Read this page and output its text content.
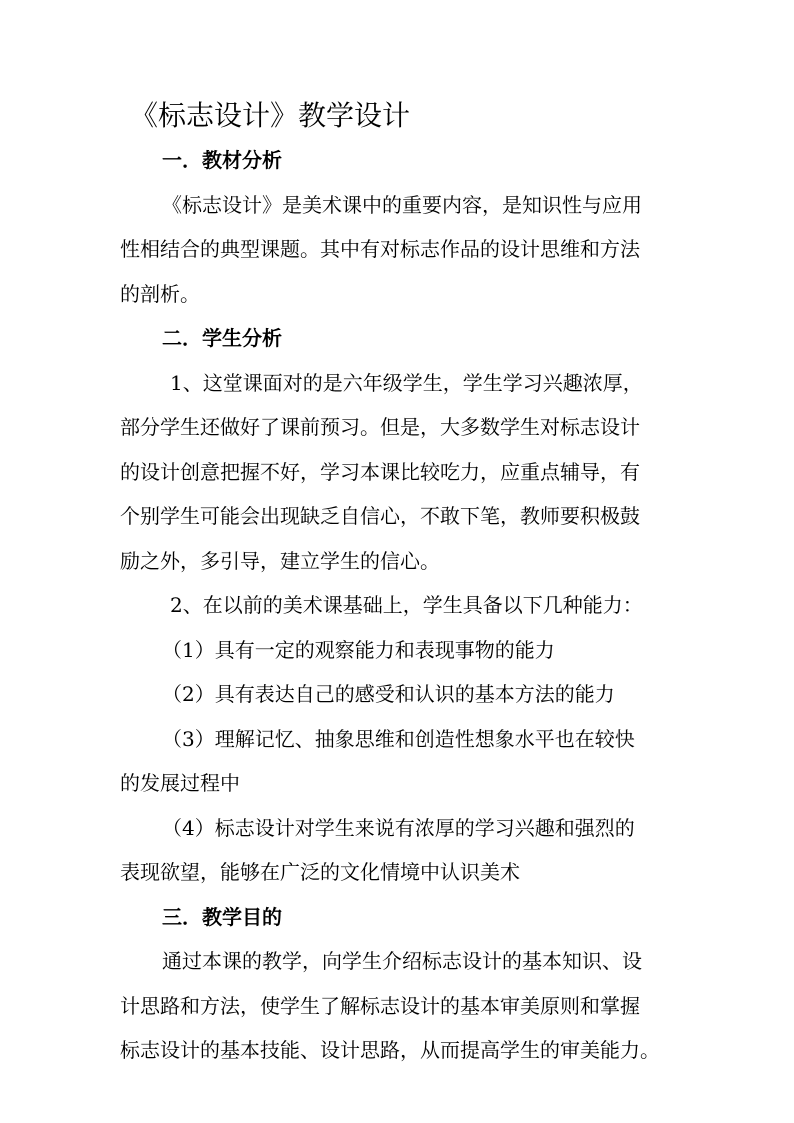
《标志设计》教学设计
一．教材分析
《标志设计》是美术课中的重要内容，是知识性与应用
性相结合的典型课题。其中有对标志作品的设计思维和方法
的剖析。
二．学生分析
1、这堂课面对的是六年级学生，学生学习兴趣浓厚，
部分学生还做好了课前预习。但是，大多数学生对标志设计
的设计创意把握不好，学习本课比较吃力，应重点辅导，有
个别学生可能会出现缺乏自信心，不敢下笔，教师要积极鼓
励之外，多引导，建立学生的信心。
2、在以前的美术课基础上，学生具备以下几种能力：
（1）具有一定的观察能力和表现事物的能力
（2）具有表达自己的感受和认识的基本方法的能力
（3）理解记忆、抽象思维和创造性想象水平也在较快
的发展过程中
（4）标志设计对学生来说有浓厚的学习兴趣和强烈的
表现欲望，能够在广泛的文化情境中认识美术
三．教学目的
通过本课的教学，向学生介绍标志设计的基本知识、设
计思路和方法，使学生了解标志设计的基本审美原则和掌握
标志设计的基本技能、设计思路，从而提高学生的审美能力。
